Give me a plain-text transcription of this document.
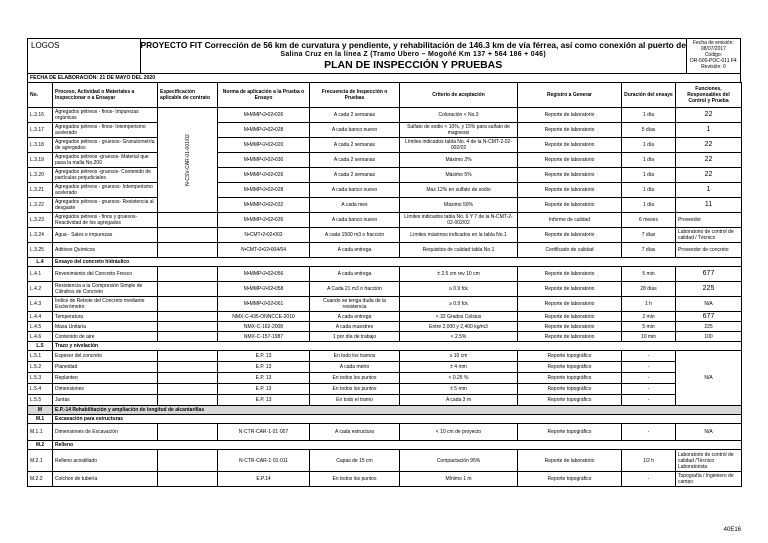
LOGOS	PROYECTO FIT Corrección de 56 km de curvatura y pendiente, y rehabilitación de 146.3 km de vía férrea, así como conexión al puerto de
Salina Cruz en la línea Z (Tramo Ubero – Mogoñé Km 137 + 564 186 + 046)
PLAN DE INSPECCIÓN Y PRUEBAS
Fecha de emisión:
08/07/2017
Código:
DR-500-POC-011 F4
Revisión: 0
FECHA DE ELABORACIÓN: 21 DE MAYO DEL 2020
No.	Proceso, Actividad o Materiales a Inspeccionar o a Ensayar	Especificación aplicable de contrato	Norma de aplicación a la Prueba o Ensayo	Frecuencia de Inspección o Pruebas	Criterio de aceptación	Registro a Generar	Duración del ensaye	Funciones, Responsables del Control y Prueba
L.3.16	Agregados pétreos - finos- Impurezas orgánicas	N-CSV-CAR-01-001/02	M•MMP•2•02•026	A cada 2 semanas	Coloración < No.3	Reporte de laboratorio	1 día	22
L.3.17	Agregados pétreos - finos- Intemperismo acelerado		M•MMP•2•02•028	A cada banco nuevo	Sulfato de sodio < 10%, y 15% para sulfato de magnesio	Reporte de laboratorio	5 días	1
L.3.18	Agregados pétreos - gruesos- Granulometría de agregados		M•MMP•2•02•020	A cada 2 semanas	Límites indicados tabla No. 4 de la N-CMT-2-02-002/02	Reporte de laboratorio	1 día	22
L.3.19	Agregados pétreos -gruesos- Material que pasa la malla No.200		M•MMP•2•02•030	A cada 2 semanas	Máximo 2%	Reporte de laboratorio	1 día	22
L.3.20	Agregados pétreos -gruesos- Contenido de partículas perjudiciales		M•MMP•2•02•026	A cada 2 semanas	Máximo 5%	Reporte de laboratorio	1 día	22
L.3.21	Agregados pétreos - gruesos- Intemperismo acelerado		M•MMP•2•02•028	A cada banco nuevo	Max 12% en sulfato de sodio	Reporte de laboratorio	1 día	1
L.3.22	Agregados pétreos - gruesos- Resistencia al desgaste		M•MMP•2•02•032	A cada mes	Máximo 50%	Reporte de laboratorio	1 día	11
L.3.23	Agregados pétreos - finos y gruesos- Reactividad de los agregados		M•MMP•2•02•035	A cada banco nuevo	Límites indicados tabla No. 6 Y 7 de la N-CMT-2-02-002/02	Informe de calidad	6 meses	Proveedor
L.3.24	Agua - Sales e impurezas		N•CMT•2•02•003	A cada 1500 m3 o fracción	Límites máximos indicados en la tabla No.1	Reporte de laboratorio	7 días	Laboratorio de control de calidad / Técnico
L.3.25	Aditivos Químicos		N•CMT•2•02•004/04	A cada entrega	Requisitos de calidad tabla No.1	Certificado de calidad	7 días	Proveedor de concreto
L.4	Ensayo del concreto hidráulico							
L.4.1	Revenimiento del Concreto Fresco		M•MMP•2•02•056	A cada entrega	± 2.5 cm rev 10 cm	Reporte de laboratorio	5 min	677
L.4.2	Resistencia a la Compresión Simple de Cilindros de Concreto		M•MMP•2•02•058	A Cada 21 m3 ó fracción	≥ 0.9 fck	Reporte de laboratorio	28 días	225
L.4.3	Índice de Rebote del Concreto mediante Esclerómetro		M•MMP•2•02•061	Cuando se tenga duda de la resistencia	≥ 0.9 fck	Reporte de laboratorio	1 h	N/A
L.4.4	Temperatura		NMX-C-435-ONNCCE-2010	A cada entrega	< 32 Grados Celsius	Reporte de laboratorio	2 min	677
L.4.5	Masa Unitaria		NMX-C-162-2008	A cada muestreo	Entre 2,000 y 2,400 kg/m3	Reporte de laboratorio	5 min	225
L.4.6	Contenido de aire		NMX-C-157-1987	1 por día de trabajo	< 2.5%	Reporte de laboratorio	10 min	100
L.5	Trazo y nivelación							
L.5.1	Espesor del concreto		E.P. 13	En todo los tramos	≥ 10 cm	Reporte topográfico	-	N/A
L.5.2	Planeidad		E.P. 13	A cada metro	± 4 mm	Reporte topográfico	-	
L.5.3	Replanteo		E.P. 13	En todos los puntos	< 0.25 %	Reporte topográfico	-	
L.5.4	Dimensiones		E.P. 13	En todos los puntos	± 5 mm	Reporte topográfico	-	
L.5.5	Juntas		E.P. 13	En todo el tramo	A cada 3 m	Reporte topográfico	-	
M	E.P.-14 Rehabilitación y ampliación de longitud de alcantarillas							
M.1	Excavación para estructuras							
M.1.1	Dimensiones de Excavación		N·CTR·CAR·1·01·007	A cada estructura	< 10 cm de proyecto	Reporte topográfico	-	N/A
M.2	Relleno							
M.2.1	Relleno acostillado		N·CTR·CAR·1·01·011	Capas de 15 cm	Compactación 95%	Reporte de laboratorio	1/2 h	Laboratorio de control de calidad /Técnico Laboratorista
M.2.2	Colchon de tubería		E.P.14	En todos los puntos	Mínimo 1 m	Reporte topográfico	-	Topografía / Ingeniero de campo
40E16
